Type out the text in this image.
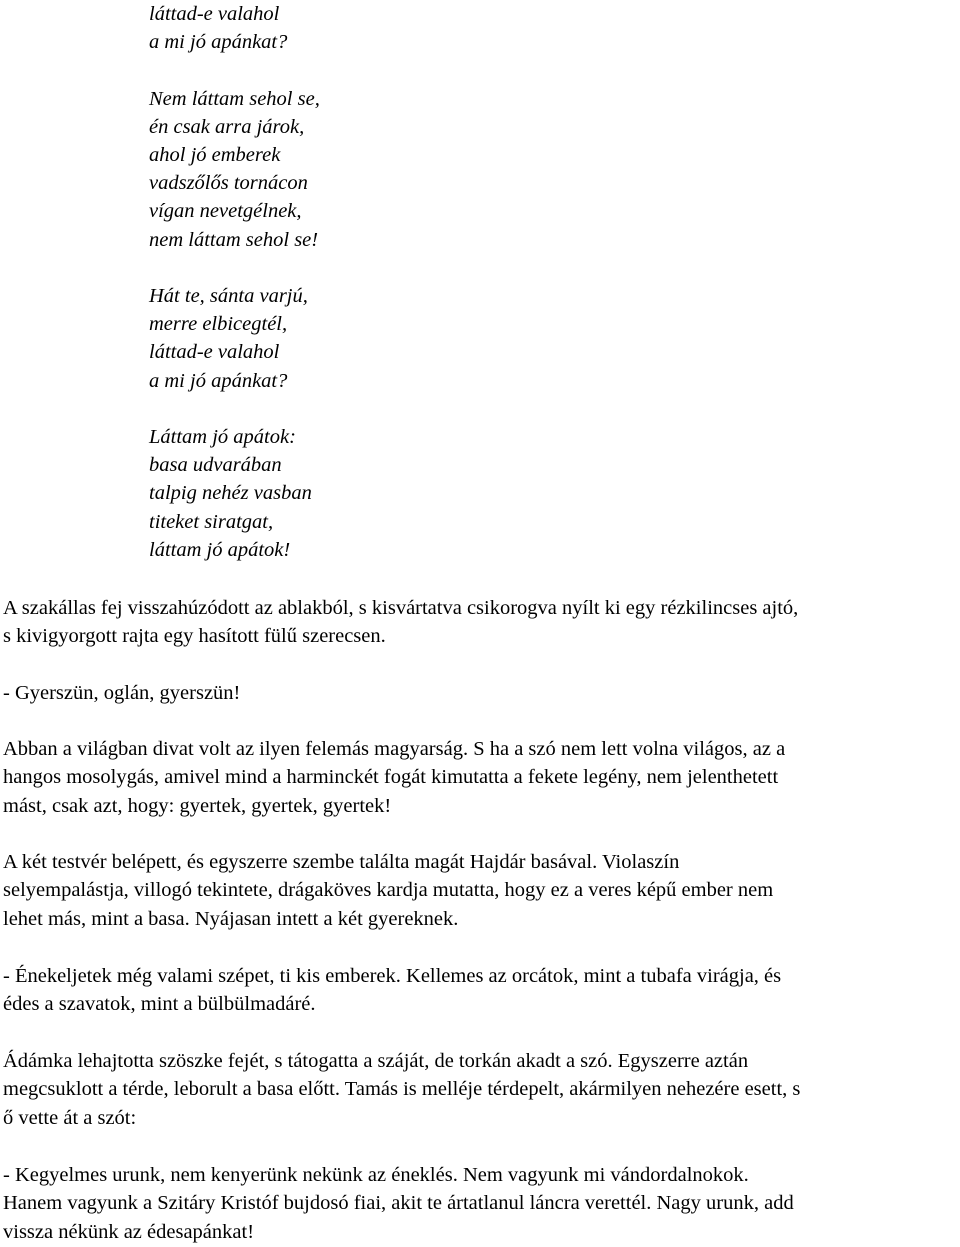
láttad-e valahol
a mi jó apánkat?
Nem láttam sehol se,
én csak arra járok,
ahol jó emberek
vadszőlős tornácon
vígan nevetgélnek,
nem láttam sehol se!
Hát te, sánta varjú,
merre elbicegtél,
láttad-e valahol
a mi jó apánkat?
Láttam jó apátok:
basa udvarában
talpig nehéz vasban
titeket siratgat,
láttam jó apátok!
A szakállas fej visszahúzódott az ablakból, s kisvártatva csikorogva nyílt ki egy rézkilincses ajtó,
s kivigyorgott rajta egy hasított fülű szerecsen.
- Gyerszün, oglán, gyerszün!
Abban a világban divat volt az ilyen felemás magyarság. S ha a szó nem lett volna világos, az a
hangos mosolygás, amivel mind a harminckét fogát kimutatta a fekete legény, nem jelenthetett
mást, csak azt, hogy: gyertek, gyertek, gyertek!
A két testvér belépett, és egyszerre szembe találta magát Hajdár basával. Violaszín
selyempalástja, villogó tekintete, drágaköves kardja mutatta, hogy ez a veres képű ember nem
lehet más, mint a basa. Nyájasan intett a két gyereknek.
- Énekeljetek még valami szépet, ti kis emberek. Kellemes az orcátok, mint a tubafa virágja, és
édes a szavatok, mint a bülbülmadáré.
Ádámka lehajtotta szöszke fejét, s tátogatta a száját, de torkán akadt a szó. Egyszerre aztán
megcsuklott a térde, leborult a basa előtt. Tamás is melléje térdepelt, akármilyen nehezére esett, s
ő vette át a szót:
- Kegyelmes urunk, nem kenyerünk nekünk az éneklés. Nem vagyunk mi vándordalnokok.
Hanem vagyunk a Szitáry Kristóf bujdosó fiai, akit te ártatlanul láncra verettél. Nagy urunk, add
vissza nékünk az édesapánkat!
